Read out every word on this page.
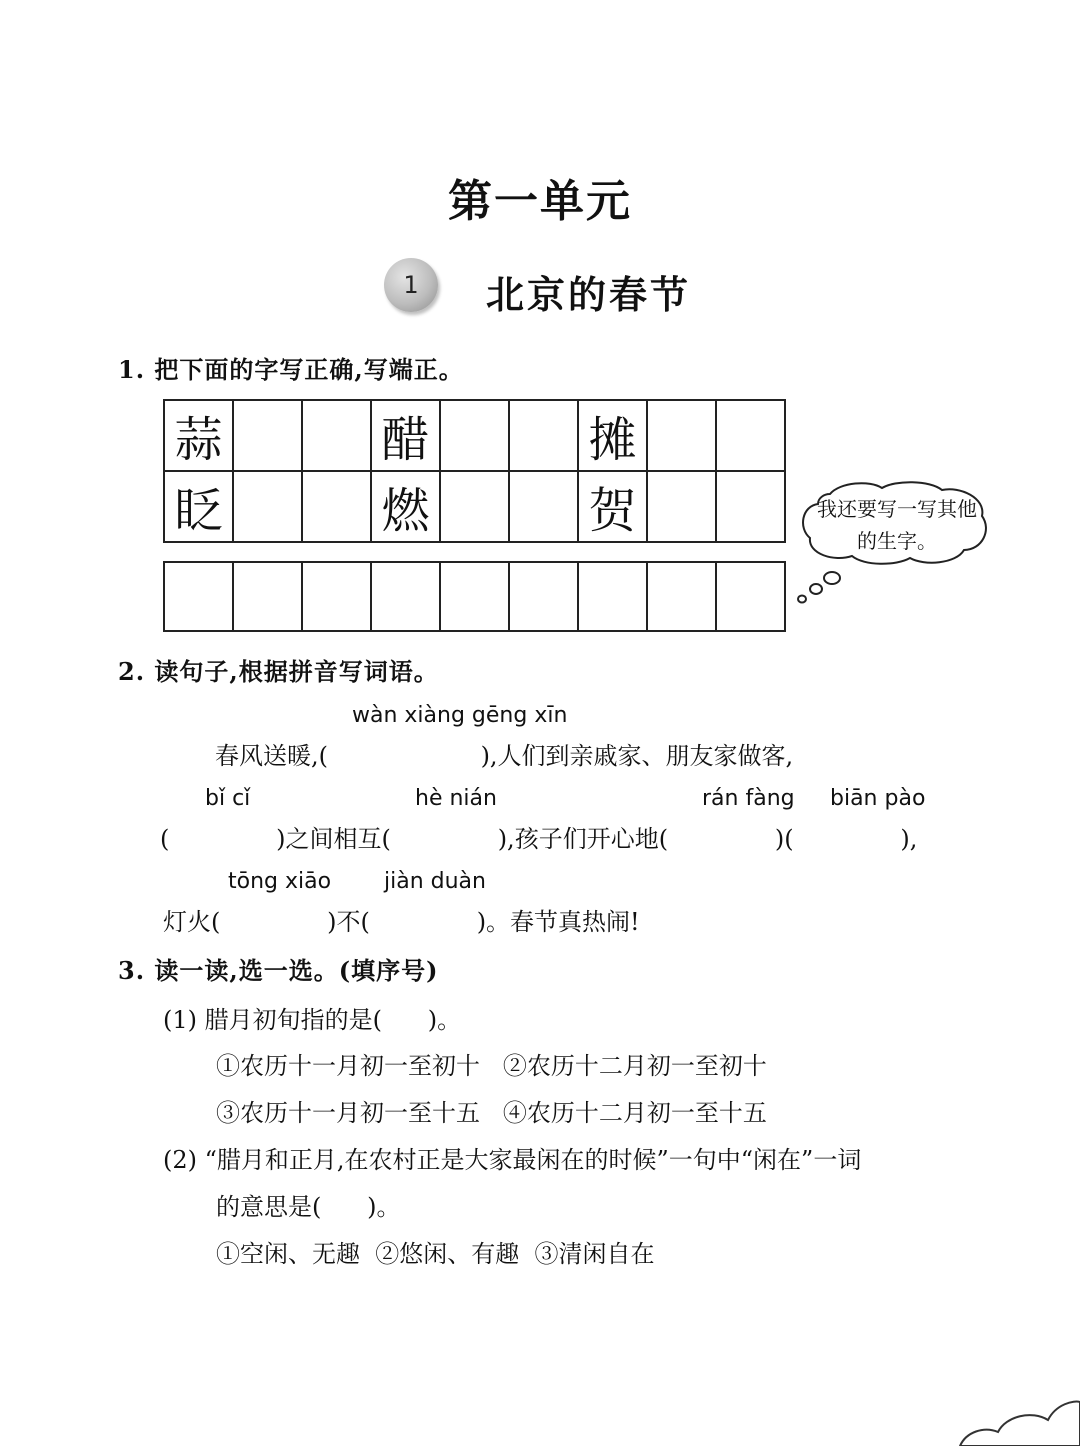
第一单元
1	北京的春节
1. 把下面的字写正确,写端正。
蒜			醋			摊		
眨			燃			贺		
									我还要写一写其他的生字。
2. 读句子,根据拼音写词语。
wàn xiàng gēng xīn
春风送暖,(                    ),人们到亲戚家、朋友家做客,
bǐ cǐ	hè nián	rán fàng biān pào
(              )之间相互(              ),孩子们开心地(              )(              ),
tōng xiāo jiàn duàn
灯火(              )不(              )。春节真热闹!
3. 读一读,选一选。(填序号)
(1) 腊月初旬指的是(      )。
①农历十一月初一至初十   ②农历十二月初一至初十
③农历十一月初一至十五   ④农历十二月初一至十五
(2) “腊月和正月,在农村正是大家最闲在的时候”一句中“闲在”一词
的意思是(      )。
①空闲、无趣  ②悠闲、有趣  ③清闲自在
